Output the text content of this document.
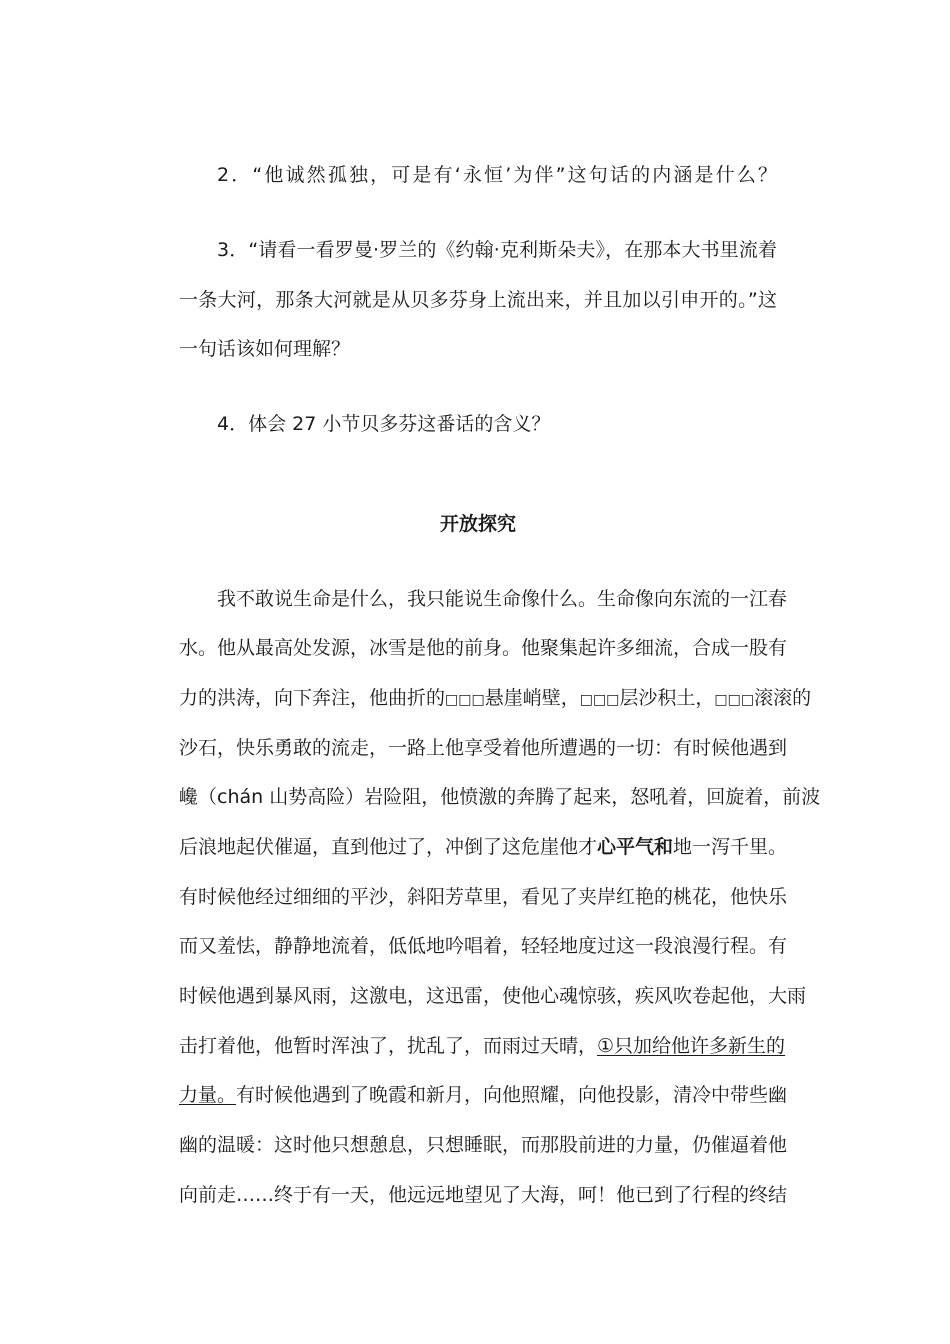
2．“他诚然孤独，可是有‘永恒’为伴”这句话的内涵是什么？
3．“请看一看罗曼·罗兰的《约翰·克利斯朵夫》，在那本大书里流着
一条大河，那条大河就是从贝多芬身上流出来，并且加以引申开的。”这
一句话该如何理解？
4．体会 27 小节贝多芬这番话的含义？
开放探究
我不敢说生命是什么，我只能说生命像什么。生命像向东流的一江春
水。他从最高处发源，冰雪是他的前身。他聚集起许多细流，合成一股有
力的洪涛，向下奔注，他曲折的□□□悬崖峭壁，□□□层沙积土，□□□滚滚的
沙石，快乐勇敢的流走，一路上他享受着他所遭遇的一切：有时候他遇到
巉（chán 山势高险）岩险阻，他愤激的奔腾了起来，怒吼着，回旋着，前波
后浪地起伏催逼，直到他过了，冲倒了这危崖他才心平气和地一泻千里。
有时候他经过细细的平沙，斜阳芳草里，看见了夹岸红艳的桃花，他快乐
而又羞怯，静静地流着，低低地吟唱着，轻轻地度过这一段浪漫行程。有
时候他遇到暴风雨，这激电，这迅雷，使他心魂惊骇，疾风吹卷起他，大雨
击打着他，他暂时浑浊了，扰乱了，而雨过天晴，①只加给他许多新生的
力量。有时候他遇到了晚霞和新月，向他照耀，向他投影，清冷中带些幽
幽的温暖：这时他只想憩息，只想睡眠，而那股前进的力量，仍催逼着他
向前走……终于有一天，他远远地望见了大海，呵！他已到了行程的终结
